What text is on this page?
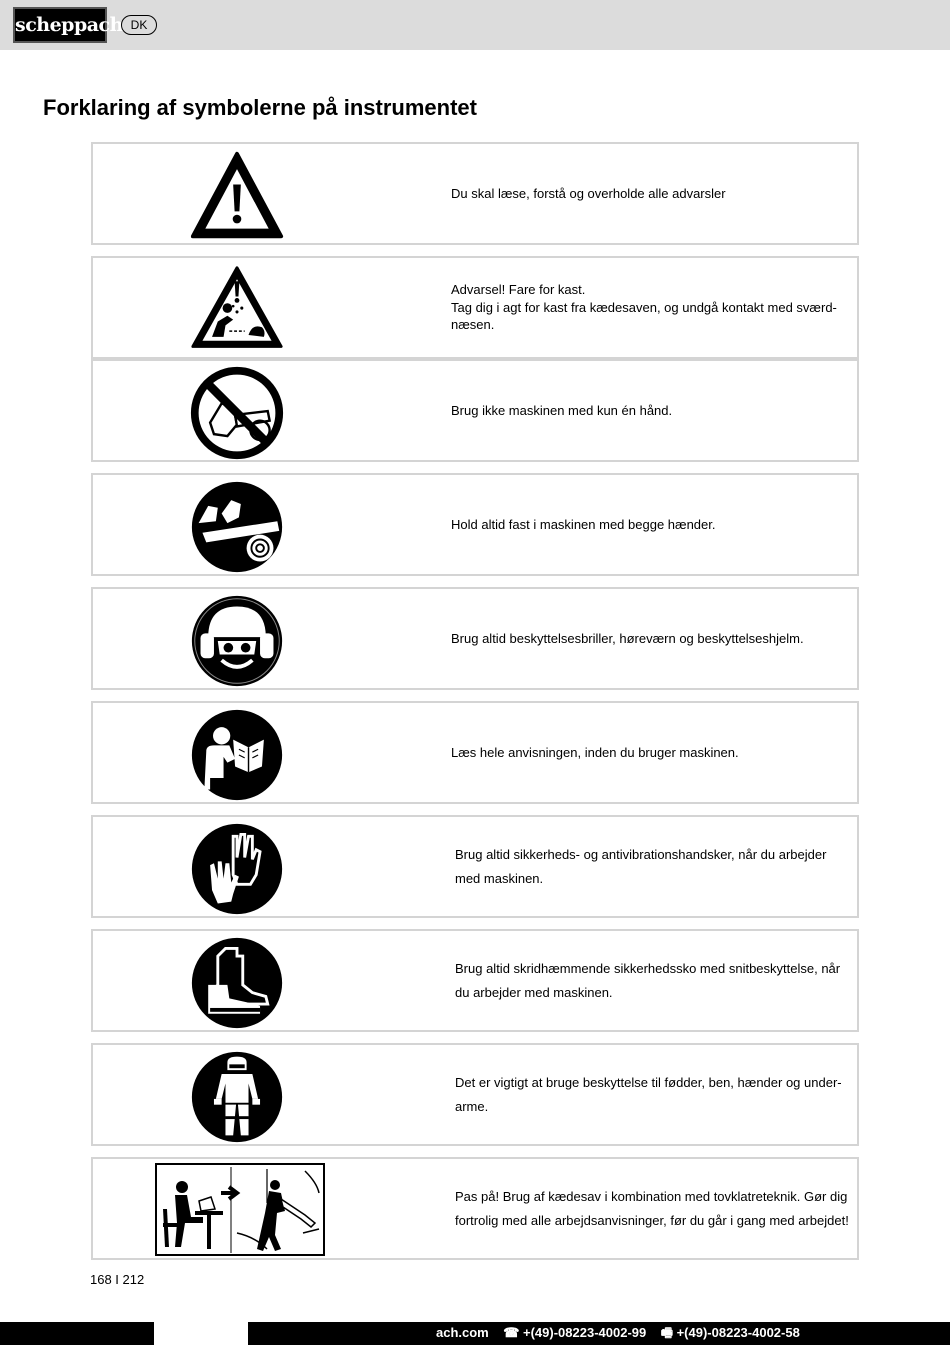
scheppach DK
Forklaring af symbolerne på instrumentet
Du skal læse, forstå og overholde alle advarsler
Advarsel! Fare for kast.
Tag dig i agt for kast fra kædesaven, og undgå kontakt med sværd-
næsen.
Brug ikke maskinen med kun én hånd.
Hold altid fast i maskinen med begge hænder.
Brug altid beskyttelsesbriller, høreværn og beskyttelseshjelm.
Læs hele anvisningen, inden du bruger maskinen.
Brug altid sikkerheds- og antivibrationshandsker, når du arbejder
med maskinen.
Brug altid skridhæmmende sikkerhedssko med snitbeskyttelse, når
du arbejder med maskinen.
Det er vigtigt at bruge beskyttelse til fødder, ben, hænder og under-
arme.
Pas på! Brug af kædesav i kombination med tovklatreteknik. Gør dig
fortrolig med alle arbejdsanvisninger, før du går i gang med arbejdet!
168 I 212
ach.com ☎ +(49)-08223-4002-99 🖷 +(49)-08223-4002-58
